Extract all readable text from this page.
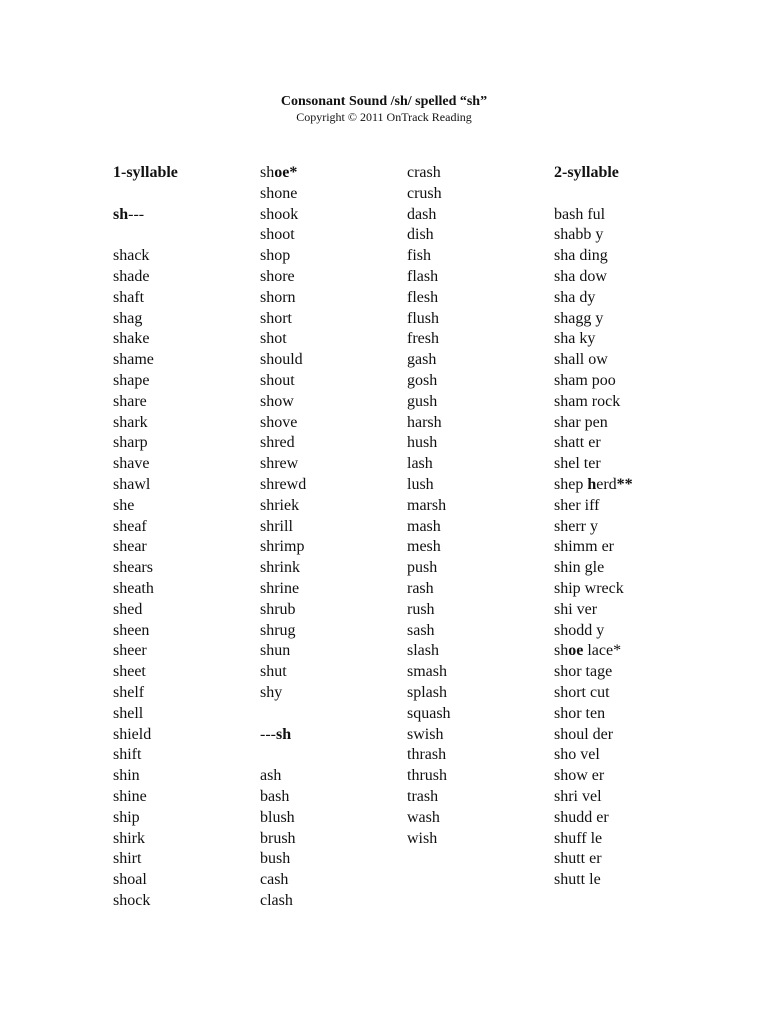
Consonant Sound /sh/ spelled “sh”
Copyright © 2011 OnTrack Reading
1-syllable

sh---

shack
shade
shaft
shag
shake
shame
shape
share
shark
sharp
shave
shawl
she
sheaf
shear
shears
sheath
shed
sheen
sheer
sheet
shelf
shell
shield
shift
shin
shine
ship
shirk
shirt
shoal
shock
shoe*
shone
shook
shoot
shop
shore
shorn
short
shot
should
shout
show
shove
shred
shrew
shrewd
shriek
shrill
shrimp
shrink
shrine
shrub
shrug
shun
shut
shy

---sh

ash
bash
blush
brush
bush
cash
clash
crash
crush
dash
dish
fish
flash
flesh
flush
fresh
gash
gosh
gush
harsh
hush
lash
lush
marsh
mash
mesh
push
rash
rush
sash
slash
smash
splash
squash
swish
thrash
thrush
trash
wash
wish
2-syllable

bash ful
shabb y
sha ding
sha dow
sha dy
shagg y
sha ky
shall ow
sham poo
sham rock
shar pen
shatt er
shel ter
shep herd**
sher iff
sherr y
shimm er
shin gle
ship wreck
shi ver
shodd y
shoe lace*
shor tage
short cut
shor ten
shoul der
sho vel
show er
shri vel
shudd er
shuff le
shutt er
shutt le
